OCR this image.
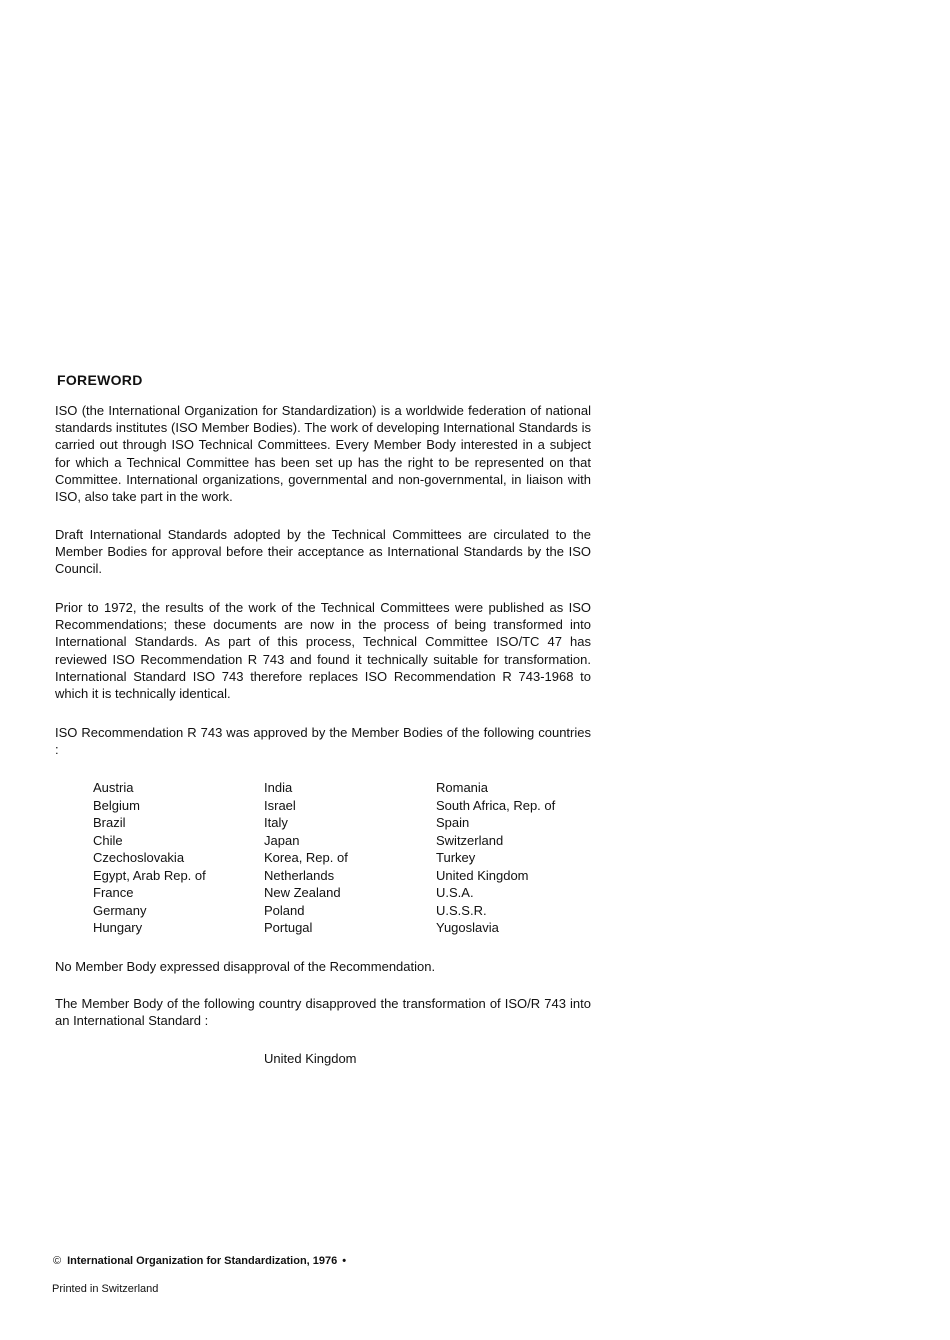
FOREWORD

ISO (the International Organization for Standardization) is a worldwide federation of national standards institutes (ISO Member Bodies). The work of developing International Standards is carried out through ISO Technical Committees. Every Member Body interested in a subject for which a Technical Committee has been set up has the right to be represented on that Committee. International organizations, governmental and non-governmental, in liaison with ISO, also take part in the work.

Draft International Standards adopted by the Technical Committees are circulated to the Member Bodies for approval before their acceptance as International Standards by the ISO Council.

Prior to 1972, the results of the work of the Technical Committees were published as ISO Recommendations; these documents are now in the process of being transformed into International Standards. As part of this process, Technical Committee ISO/TC 47 has reviewed ISO Recommendation R 743 and found it technically suitable for transformation. International Standard ISO 743 therefore replaces ISO Recommendation R 743-1968 to which it is technically identical.

ISO Recommendation R 743 was approved by the Member Bodies of the following countries :

Austria
Belgium
Brazil
Chile
Czechoslovakia
Egypt, Arab Rep. of
France
Germany
Hungary
India
Israel
Italy
Japan
Korea, Rep. of
Netherlands
New Zealand
Poland
Portugal
Romania
South Africa, Rep. of
Spain
Switzerland
Turkey
United Kingdom
U.S.A.
U.S.S.R.
Yugoslavia

No Member Body expressed disapproval of the Recommendation.

The Member Body of the following country disapproved the transformation of ISO/R 743 into an International Standard :

United Kingdom
© International Organization for Standardization, 1976 •
Printed in Switzerland
